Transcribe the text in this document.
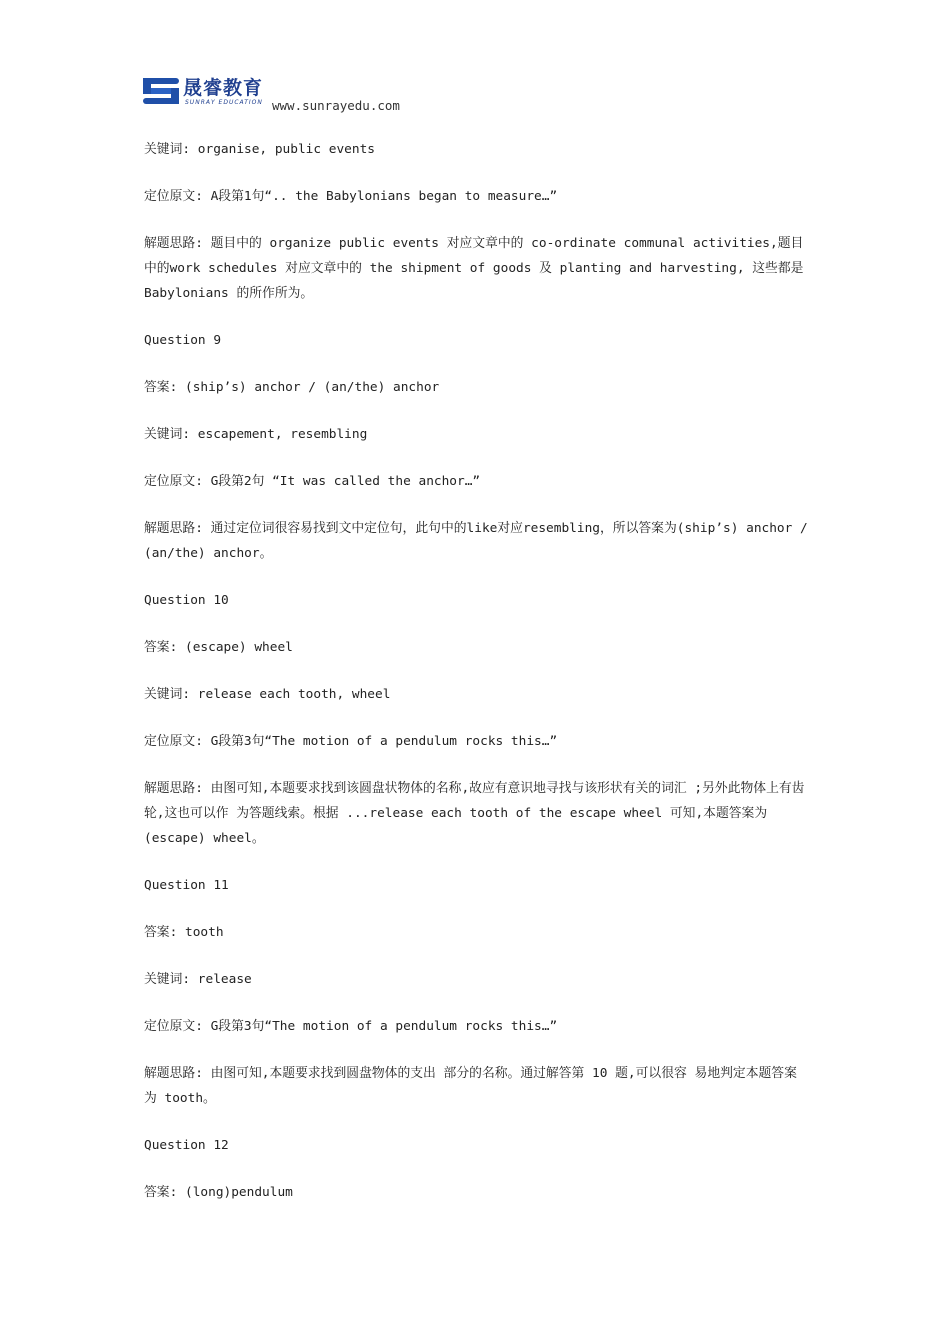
晟睿教育
SUNRAY EDUCATION www.sunrayedu.com

关键词: organise, public events

定位原文: A段第1句“.. the Babylonians began to measure…”

解题思路: 题目中的 organize public events 对应文章中的 co-ordinate communal activities,题目中的work schedules 对应文章中的 the shipment of goods 及 planting and harvesting, 这些都是 Babylonians 的所作所为。

Question 9

答案: (ship’s) anchor / (an/the) anchor

关键词: escapement, resembling

定位原文: G段第2句 “It was called the anchor…”

解题思路: 通过定位词很容易找到文中定位句，此句中的like对应resembling，所以答案为(ship’s) anchor / (an/the) anchor。

Question 10

答案: (escape) wheel

关键词: release each tooth, wheel

定位原文: G段第3句“The motion of a pendulum rocks this…”

解题思路: 由图可知,本题要求找到该圆盘状物体的名称,故应有意识地寻找与该形状有关的词汇 ;另外此物体上有齿轮,这也可以作 为答题线索。根据 ...release each tooth of the escape wheel 可知,本题答案为 (escape) wheel。

Question 11

答案: tooth

关键词: release

定位原文: G段第3句“The motion of a pendulum rocks this…”

解题思路: 由图可知,本题要求找到圆盘物体的支出 部分的名称。通过解答第 10 题,可以很容 易地判定本题答案为 tooth。

Question 12

答案: (long)pendulum
